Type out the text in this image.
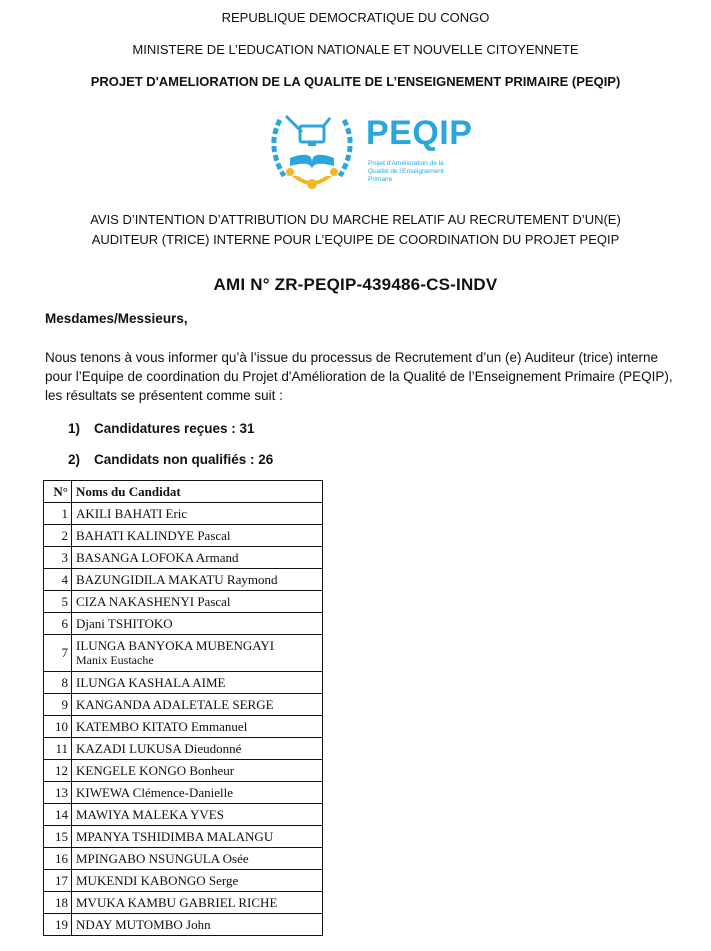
REPUBLIQUE DEMOCRATIQUE DU CONGO
MINISTERE DE L’EDUCATION NATIONALE ET NOUVELLE CITOYENNETE
PROJET D'AMELIORATION DE LA QUALITE DE L’ENSEIGNEMENT PRIMAIRE (PEQIP)
PEQIP
Projet d'Amélioration de la Qualité de l'Enseignement Primaire
AVIS D’INTENTION D’ATTRIBUTION DU MARCHE RELATIF AU RECRUTEMENT D’UN(E)
AUDITEUR (TRICE) INTERNE POUR L’EQUIPE DE COORDINATION DU PROJET PEQIP
AMI N° ZR-PEQIP-439486-CS-INDV
Mesdames/Messieurs,
Nous tenons à vous informer qu’à l’issue du processus de Recrutement d’un (e) Auditeur (trice) interne pour l’Equipe de coordination du Projet d'Amélioration de la Qualité de l’Enseignement Primaire (PEQIP), les résultats se présentent comme suit :
1) Candidatures reçues : 31
2) Candidats non qualifiés : 26
N°	Noms du Candidat
1	AKILI BAHATI Eric
2	BAHATI KALINDYE Pascal
3	BASANGA LOFOKA Armand
4	BAZUNGIDILA MAKATU Raymond
5	CIZA NAKASHENYI Pascal
6	Djani TSHITOKO
7	ILUNGA BANYOKA MUBENGAYI
Manix Eustache

8	ILUNGA KASHALA AIME
9	KANGANDA ADALETALE SERGE
10	KATEMBO KITATO Emmanuel
11	KAZADI LUKUSA Dieudonné
12	KENGELE KONGO Bonheur
13	KIWEWA Clémence-Danielle
14	MAWIYA MALEKA YVES
15	MPANYA TSHIDIMBA MALANGU
16	MPINGABO NSUNGULA Osée
17	MUKENDI KABONGO Serge
18	MVUKA KAMBU GABRIEL RICHE
19	NDAY MUTOMBO John
